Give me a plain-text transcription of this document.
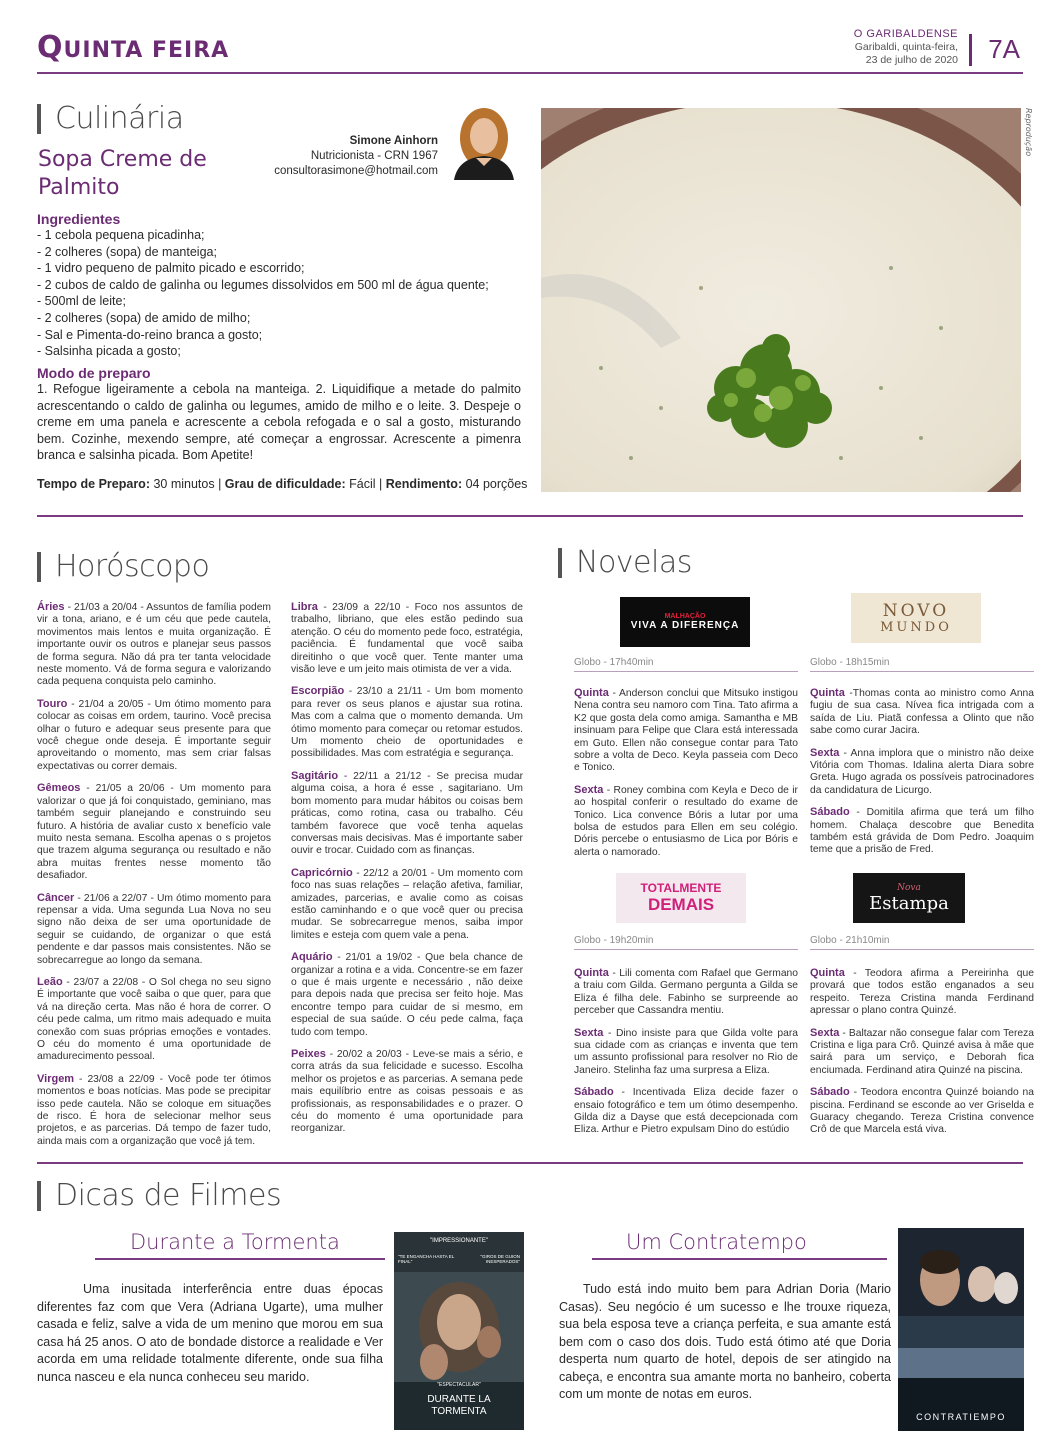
QUINTA FEIRA
O GARIBALDENSE
Garibaldi, quinta-feira,
23 de julho de 2020 7A
Culinária
Sopa Creme de Palmito
Simone Ainhorn
Nutricionista - CRN 1967
consultorasimone@hotmail.com
Reprodução
Ingredientes
- 1 cebola pequena picadinha;
- 2 colheres (sopa) de manteiga;
- 1 vidro pequeno de palmito picado e escorrido;
- 2 cubos de caldo de galinha ou legumes dissolvidos em 500 ml de água quente;
- 500ml de leite;
- 2 colheres (sopa) de amido de milho;
- Sal e Pimenta-do-reino branca a gosto;
- Salsinha picada a gosto;
Modo de preparo
1. Refogue ligeiramente a cebola na manteiga. 2. Liquidifique a metade do palmito acrescentando o caldo de galinha ou legumes, amido de milho e o leite. 3. Despeje o creme em uma panela e acrescente a cebola refogada e o sal a gosto, misturando bem. Cozinhe, mexendo sempre, até começar a engrossar. Acrescente a pimenra branca e salsinha picada. Bom Apetite!
Tempo de Preparo: 30 minutos | Grau de dificuldade: Fácil | Rendimento: 04 porções
Horóscopo

Áries - 21/03 a 20/04 - Assuntos de família podem vir a tona, ariano, e é um céu que pede cautela, movimentos mais lentos e muita organização. É importante ouvir os outros e planejar seus passos de forma segura. Não dá pra ter tanta velocidade neste momento. Vá de forma segura e valorizando cada pequena conquista pelo caminho.

Touro - 21/04 a 20/05 - Um ótimo momento para colocar as coisas em ordem, taurino. Você precisa olhar o futuro e adequar seus presente para que você chegue onde deseja. É importante seguir aproveitando o momento, mas sem criar falsas expectativas ou correr demais.

Gêmeos - 21/05 a 20/06 - Um momento para valorizar o que já foi conquistado, geminiano, mas também seguir planejando e construindo seu futuro. A história de avaliar custo x benefício vale muito nesta semana. Escolha apenas o s projetos que trazem alguma segurança ou resultado e não abra muitas frentes nesse momento tão desafiador.

Câncer - 21/06 a 22/07 - Um ótimo momento para repensar a vida. Uma segunda Lua Nova no seu signo não deixa de ser uma oportunidade de seguir se cuidando, de organizar o que está pendente e dar passos mais consistentes. Não se sobrecarregue ao longo da semana.

Leão - 23/07 a 22/08 - O Sol chega no seu signo É importante que você saiba o que quer, para que vá na direção certa. Mas não é hora de correr. O céu pede calma, um ritmo mais adequado e muita conexão com suas próprias emoções e vontades. O céu do momento é uma oportunidade de amadurecimento pessoal.

Virgem - 23/08 a 22/09 - Você pode ter ótimos momentos e boas notícias. Mas pode se precipitar isso pede cautela. Não se coloque em situações de risco. É hora de selecionar melhor seus projetos, e as parcerias. Dá tempo de fazer tudo, ainda mais com a organização que você já tem.

Libra - 23/09 a 22/10 - Foco nos assuntos de trabalho, libriano, que eles estão pedindo sua atenção. O céu do momento pede foco, estratégia, paciência. É fundamental que você saiba direitinho o que você quer. Tente manter uma visão leve e um jeito mais otimista de ver a vida.

Escorpião - 23/10 a 21/11 - Um bom momento para rever os seus planos e ajustar sua rotina. Mas com a calma que o momento demanda. Um ótimo momento para começar ou retomar estudos. Um momento cheio de oportunidades e possibilidades. Mas com estratégia e segurança.

Sagitário - 22/11 a 21/12 - Se precisa mudar alguma coisa, a hora é esse , sagitariano. Um bom momento para mudar hábitos ou coisas bem práticas, como rotina, casa ou trabalho. Céu também favorece que você tenha aquelas conversas mais decisivas. Mas é importante saber ouvir e trocar. Cuidado com as finanças.

Capricórnio - 22/12 a 20/01 - Um momento com foco nas suas relações – relação afetiva, familiar, amizades, parcerias, e avalie como as coisas estão caminhando e o que você quer ou precisa mudar. Se sobrecarregue menos, saiba impor limites e esteja com quem vale a pena.

Aquário - 21/01 a 19/02 - Que bela chance de organizar a rotina e a vida. Concentre-se em fazer o que é mais urgente e necessário , não deixe para depois nada que precisa ser feito hoje. Mas encontre tempo para cuidar de si mesmo, em especial de sua saúde. O céu pede calma, faça tudo com tempo.

Peixes - 20/02 a 20/03 - Leve-se mais a sério, e corra atrás da sua felicidade e sucesso. Escolha melhor os projetos e as parcerias. A semana pede mais equilíbrio entre as coisas pessoais e as profissionais, as responsabilidades e o prazer. O céu do momento é uma oportunidade para reorganizar.

Novelas
MALHAÇÃO
VIVA A DIFERENÇA
Globo - 17h40min

Quinta - Anderson conclui que Mitsuko instigou Nena contra seu namoro com Tina. Tato afirma a K2 que gosta dela como amiga. Samantha e MB insinuam para Felipe que Clara está interessada em Guto. Ellen não consegue contar para Tato sobre a volta de Deco. Keyla passeia com Deco e Tonico.

Sexta - Roney combina com Keyla e Deco de ir ao hospital conferir o resultado do exame de Tonico. Lica convence Bóris a lutar por uma bolsa de estudos para Ellen em seu colégio. Dóris percebe o entusiasmo de Lica por Bóris e alerta o namorado.

NOVO
MUNDO
Globo - 18h15min

Quinta -Thomas conta ao ministro como Anna fugiu de sua casa. Nívea fica intrigada com a saída de Liu. Piatã confessa a Olinto que não sabe como curar Jacira.

Sexta - Anna implora que o ministro não deixe Vitória com Thomas. Idalina alerta Diara sobre Greta. Hugo agrada os possíveis patrocinadores da candidatura de Licurgo.

Sábado - Domitila afirma que terá um filho homem. Chalaça descobre que Benedita também está grávida de Dom Pedro. Joaquim teme que a prisão de Fred.

TOTALMENTE
DEMAIS
Globo - 19h20min

Quinta - Lili comenta com Rafael que Germano a traiu com Gilda. Germano pergunta a Gilda se Eliza é filha dele. Fabinho se surpreende ao perceber que Cassandra mentiu.

Sexta - Dino insiste para que Gilda volte para sua cidade com as crianças e inventa que tem um assunto profissional para resolver no Rio de Janeiro. Stelinha faz uma surpresa a Eliza.

Sábado - Incentivada Eliza decide fazer o ensaio fotográfico e tem um ótimo desempenho. Gilda diz a Dayse que está decepcionada com Eliza. Arthur e Pietro expulsam Dino do estúdio

Nova
Estampa
Globo - 21h10min

Quinta - Teodora afirma a Pereirinha que provará que todos estão enganados a seu respeito. Tereza Cristina manda Ferdinand apressar o plano contra Quinzé.

Sexta - Baltazar não consegue falar com Tereza Cristina e liga para Crô. Quinzé avisa à mãe que sairá para um serviço, e Deborah fica enciumada. Ferdinand atira Quinzé na piscina.

Sábado - Teodora encontra Quinzé boiando na piscina. Ferdinand se esconde ao ver Griselda e Guaracy chegando. Tereza Cristina convence Crô de que Marcela está viva.

Dicas de Filmes
Durante a Tormenta
Uma inusitada interferência entre duas épocas diferentes faz com que Vera (Adriana Ugarte), uma mulher casada e feliz, salve a vida de um menino que morou em sua casa há 25 anos. O ato de bondade distorce a realidade e Ver acorda em uma relidade totalmente diferente, onde sua filha nunca nasceu e ela nunca conheceu seu marido.
"IMPRESSIONANTE"
"TE ENGANCHA HASTA EL FINAL"
"GIROS DE GUION INESPERADOS"
"ESPECTACULAR"
DURANTE LA TORMENTA
Um Contratempo
Tudo está indo muito bem para Adrian Doria (Mario Casas). Seu negócio é um sucesso e lhe trouxe riqueza, sua bela esposa teve a criança perfeita, e sua amante está bem com o caso dos dois. Tudo está ótimo até que Doria desperta num quarto de hotel, depois de ser atingido na cabeça, e encontra sua amante morta no banheiro, coberta com um monte de notas em euros.
CONTRATIEMPO
